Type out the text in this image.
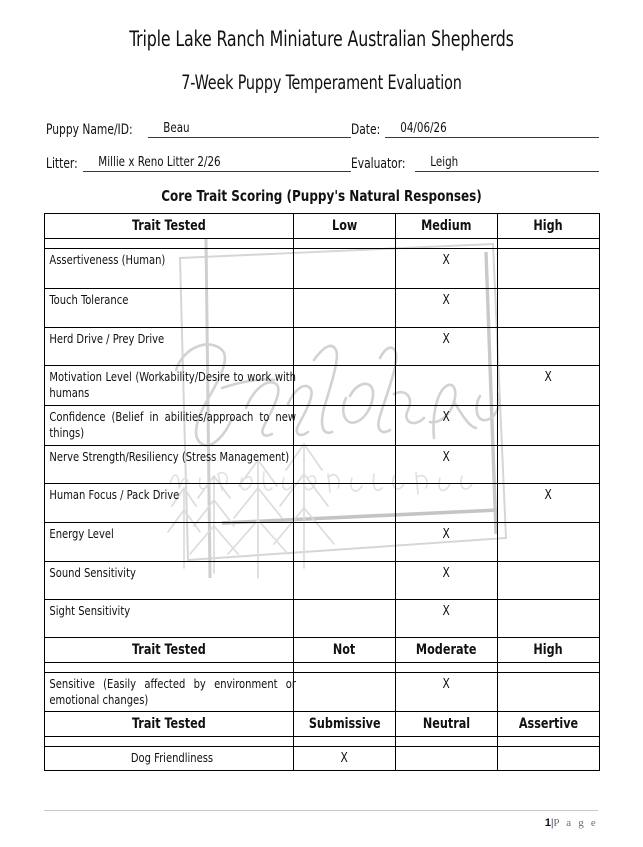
Triple Lake Ranch Miniature Australian Shepherds
7-Week Puppy Temperament Evaluation
Puppy Name/ID:	Beau	Date:	04/06/26
Litter:	Millie x Reno Litter 2/26	Evaluator:	Leigh
Core Trait Scoring (Puppy's Natural Responses)
Trait Tested	Low	Medium	High

Assertiveness (Human)		X	

Touch Tolerance		X	

Herd Drive / Prey Drive		X	

Motivation Level (Workability/Desire to work with humans			X

Confidence (Belief in abilities/approach to new things)		X	

Nerve Strength/Resiliency (Stress Management)		X	

Human Focus / Pack Drive			X

Energy Level		X	

Sound Sensitivity		X	

Sight Sensitivity		X	

Trait Tested	Not	Moderate	High

Sensitive (Easily affected by environment or emotional changes)		X	

Trait Tested	Submissive	Neutral	Assertive

Dog Friendliness	X		

1|P a g e
